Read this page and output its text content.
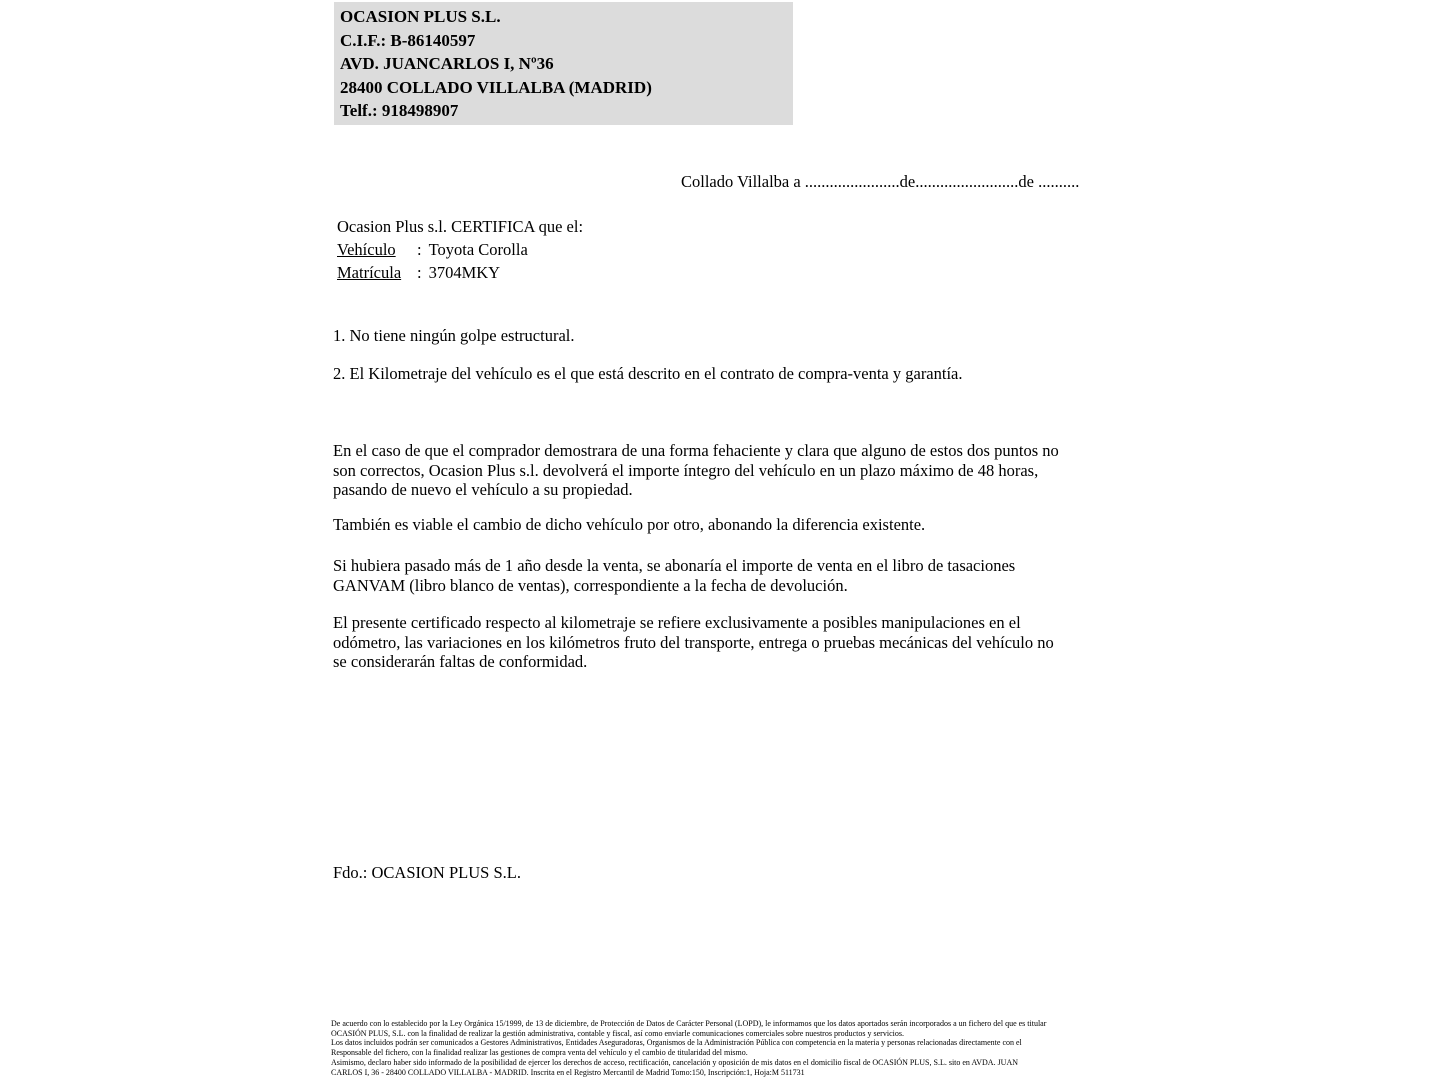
OCASION PLUS S.L.
C.I.F.: B-86140597
AVD. JUANCARLOS I, Nº36
28400 COLLADO VILLALBA (MADRID)
Telf.: 918498907
Collado Villalba a .......................de.........................de ..........
Ocasion Plus s.l. CERTIFICA que el:
Vehículo : Toyota Corolla
Matrícula : 3704MKY
1. No tiene ningún golpe estructural.
2. El Kilometraje del vehículo es el que está descrito en el contrato de compra-venta y garantía.
En el caso de que el comprador demostrara de una forma fehaciente y clara que alguno de estos dos puntos no
son correctos, Ocasion Plus s.l. devolverá el importe íntegro del vehículo en un plazo máximo de 48 horas,
pasando de nuevo el vehículo a su propiedad.
También es viable el cambio de dicho vehículo por otro, abonando la diferencia existente.
Si hubiera pasado más de 1 año desde la venta, se abonaría el importe de venta en el libro de tasaciones
GANVAM (libro blanco de ventas), correspondiente a la fecha de devolución.
El presente certificado respecto al kilometraje se refiere exclusivamente a posibles manipulaciones en el
odómetro, las variaciones en los kilómetros fruto del transporte, entrega o pruebas mecánicas del vehículo no
se considerarán faltas de conformidad.
Fdo.: OCASION PLUS S.L.
De acuerdo con lo establecido por la Ley Orgánica 15/1999, de 13 de diciembre, de Protección de Datos de Carácter Personal (LOPD), le informamos que los datos aportados serán incorporados a un fichero del que es titular
OCASIÓN PLUS, S.L. con la finalidad de realizar la gestión administrativa, contable y fiscal, así como enviarle comunicaciones comerciales sobre nuestros productos y servicios.
Los datos incluidos podrán ser comunicados a Gestores Administrativos, Entidades Aseguradoras, Organismos de la Administración Pública con competencia en la materia y personas relacionadas directamente con el
Responsable del fichero, con la finalidad realizar las gestiones de compra venta del vehículo y el cambio de titularidad del mismo.
Asimismo, declaro haber sido informado de la posibilidad de ejercer los derechos de acceso, rectificación, cancelación y oposición de mis datos en el domicilio fiscal de OCASIÓN PLUS, S.L. sito en AVDA. JUAN
CARLOS I, 36 - 28400 COLLADO VILLALBA - MADRID. Inscrita en el Registro Mercantil de Madrid Tomo:150, Inscripción:1, Hoja:M 511731
